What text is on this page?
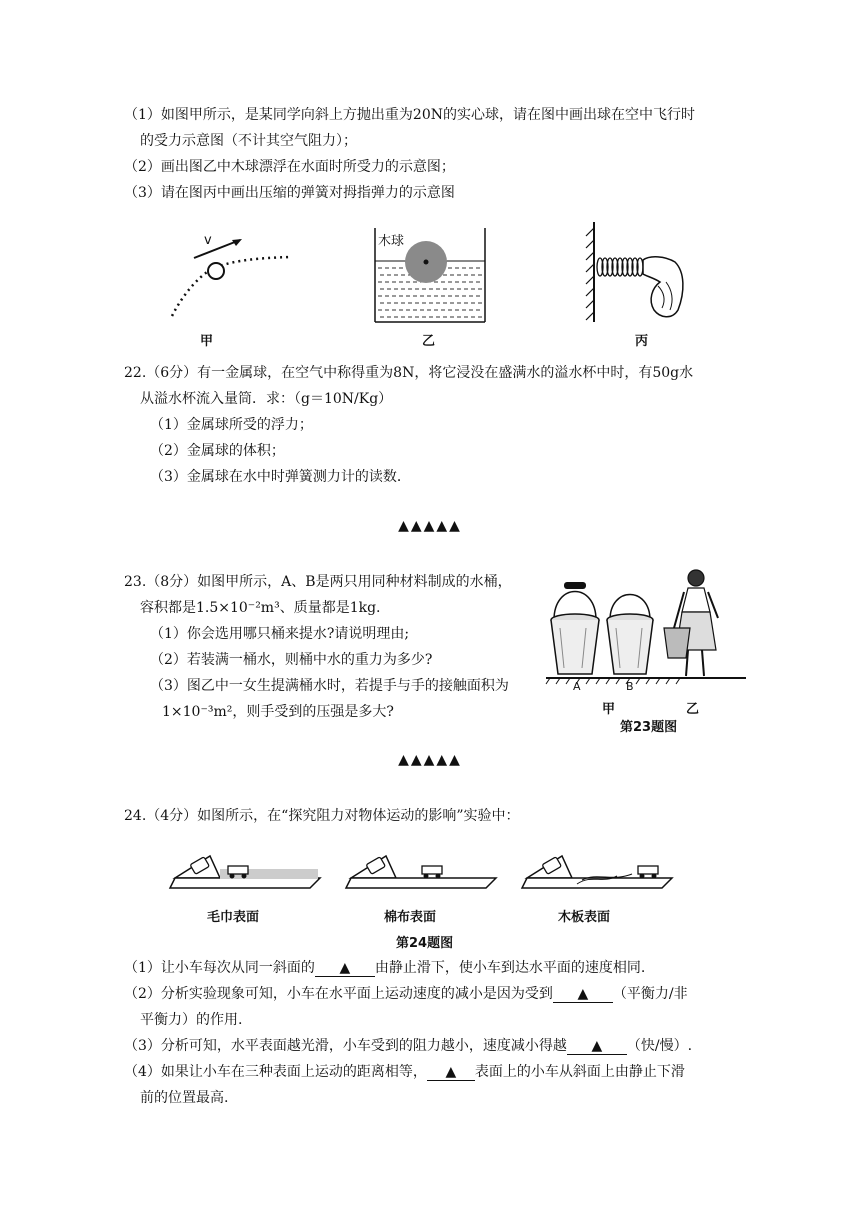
（1）如图甲所示，是某同学向斜上方抛出重为20N的实心球，请在图中画出球在空中飞行时
的受力示意图（不计其空气阻力）；
（2）画出图乙中木球漂浮在水面时所受力的示意图；
（3）请在图丙中画出压缩的弹簧对拇指弹力的示意图
v	木球
甲	乙	丙
22.（6分）有一金属球，在空气中称得重为8N，将它浸没在盛满水的溢水杯中时，有50g水
从溢水杯流入量筒．求：（g＝10N/Kg）
（1）金属球所受的浮力；
（2）金属球的体积；
（3）金属球在水中时弹簧测力计的读数．
▲▲▲▲▲
23.（8分）如图甲所示，A、B是两只用同种材料制成的水桶，
容积都是1.5×10⁻²m³、质量都是1kg.
（1）你会选用哪只桶来提水?请说明理由;
（2）若装满一桶水，则桶中水的重力为多少?
（3）图乙中一女生提满桶水时，若提手与手的接触面积为
1×10⁻³m²，则手受到的压强是多大?
A	B
甲	乙
第23题图
▲▲▲▲▲
24.（4分）如图所示，在“探究阻力对物体运动的影响”实验中：
毛巾表面	棉布表面	木板表面
第24题图
（1）让小车每次从同一斜面的 ▲ 由静止滑下，使小车到达水平面的速度相同.
（2）分析实验现象可知，小车在水平面上运动速度的减小是因为受到 ▲ （平衡力/非
平衡力）的作用.
（3）分析可知，水平表面越光滑，小车受到的阻力越小，速度减小得越 ▲ （快/慢）.
（4）如果让小车在三种表面上运动的距离相等， ▲ 表面上的小车从斜面上由静止下滑
前的位置最高.
